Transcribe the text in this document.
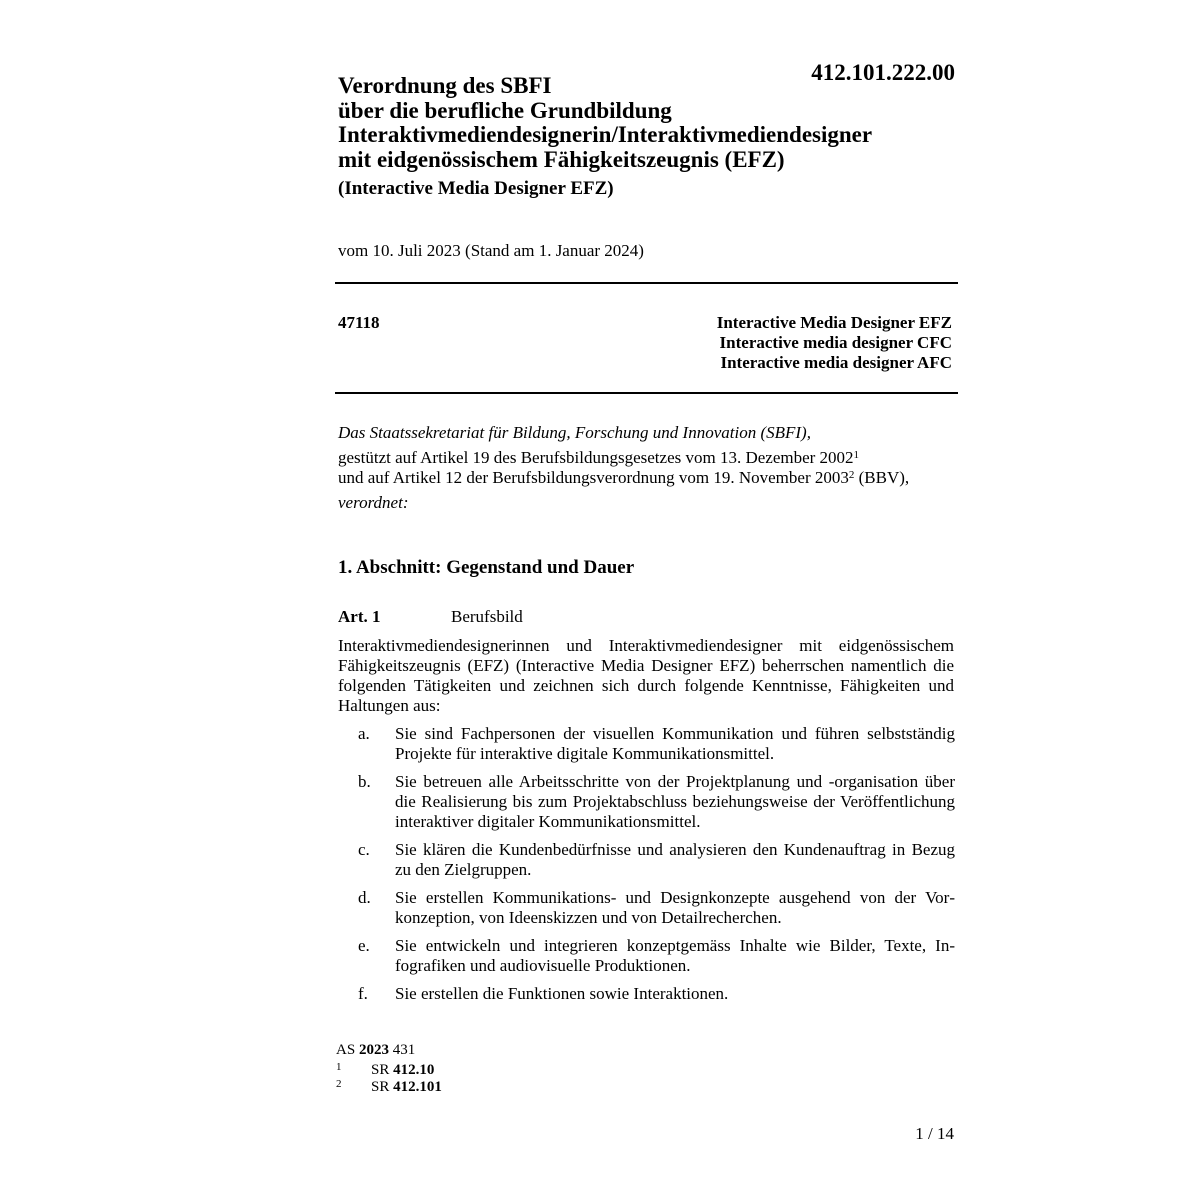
412.101.222.00
Verordnung des SBFI
über die berufliche Grundbildung
Interaktivmediendesignerin/Interaktivmediendesigner
mit eidgenössischem Fähigkeitszeugnis (EFZ)
(Interactive Media Designer EFZ)
vom 10. Juli 2023 (Stand am 1. Januar 2024)
47118	Interactive Media Designer EFZ
Interactive media designer CFC
Interactive media designer AFC
Das Staatssekretariat für Bildung, Forschung und Innovation (SBFI),
gestützt auf Artikel 19 des Berufsbildungsgesetzes vom 13. Dezember 2002$^1$
und auf Artikel 12 der Berufsbildungsverordnung vom 19. November 2003$^2$ (BBV),
verordnet:
1. Abschnitt: Gegenstand und Dauer
Art. 1	Berufsbild
Interaktivmediendesignerinnen und Interaktivmediendesigner mit eidgenössischem Fähigkeitszeugnis (EFZ) (Interactive Media Designer EFZ) beherrschen namentlich die folgenden Tätigkeiten und zeichnen sich durch folgende Kenntnisse, Fähigkeiten und Haltungen aus:
a.	Sie sind Fachpersonen der visuellen Kommunikation und führen selbstständig Projekte für interaktive digitale Kommunikationsmittel.
b.	Sie betreuen alle Arbeitsschritte von der Projektplanung und -organisation über die Realisierung bis zum Projektabschluss beziehungsweise der Veröffentlichung interaktiver digitaler Kommunikationsmittel.
c.	Sie klären die Kundenbedürfnisse und analysieren den Kundenauftrag in Bezug zu den Zielgruppen.
d.	Sie erstellen Kommunikations- und Designkonzepte ausgehend von der Vorkonzeption, von Ideenskizzen und von Detailrecherchen.
e.	Sie entwickeln und integrieren konzeptgemäss Inhalte wie Bilder, Texte, Infografiken und audiovisuelle Produktionen.
f.	Sie erstellen die Funktionen sowie Interaktionen.
AS 2023 431
1 SR 412.10
2 SR 412.101
1 / 14
